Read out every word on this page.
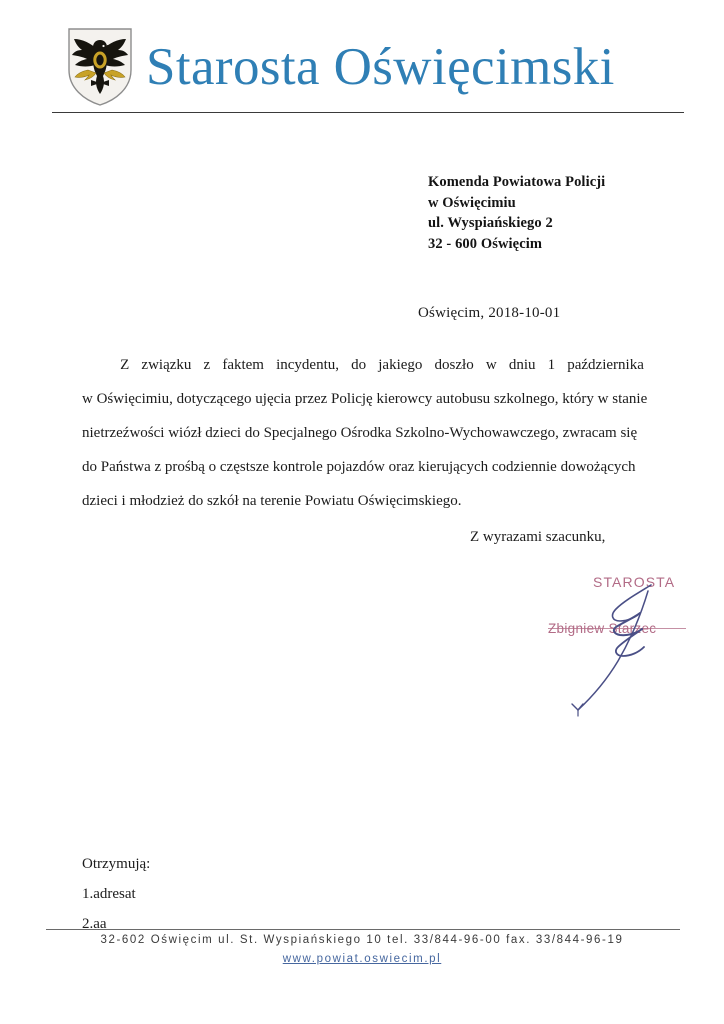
Starosta Oświęcimski
Komenda Powiatowa Policji
w Oświęcimiu
ul. Wyspiańskiego 2
32 - 600 Oświęcim
Oświęcim, 2018-10-01
Z związku z faktem incydentu, do jakiego doszło w dniu 1 października
w Oświęcimiu, dotyczącego ujęcia przez Policję kierowcy autobusu szkolnego, który w stanie
nietrzeźwości wiózł dzieci do Specjalnego Ośrodka Szkolno-Wychowawczego, zwracam się
do Państwa z prośbą o częstsze kontrole pojazdów oraz kierujących codziennie dowożących
dzieci i młodzież do szkół na terenie Powiatu Oświęcimskiego.
Z wyrazami szacunku,
STAROSTA
Zbigniew Starzec
Otrzymują:
1.adresat
2.aa
32-602 Oświęcim ul. St. Wyspiańskiego 10 tel. 33/844-96-00 fax. 33/844-96-19
www.powiat.oswiecim.pl
